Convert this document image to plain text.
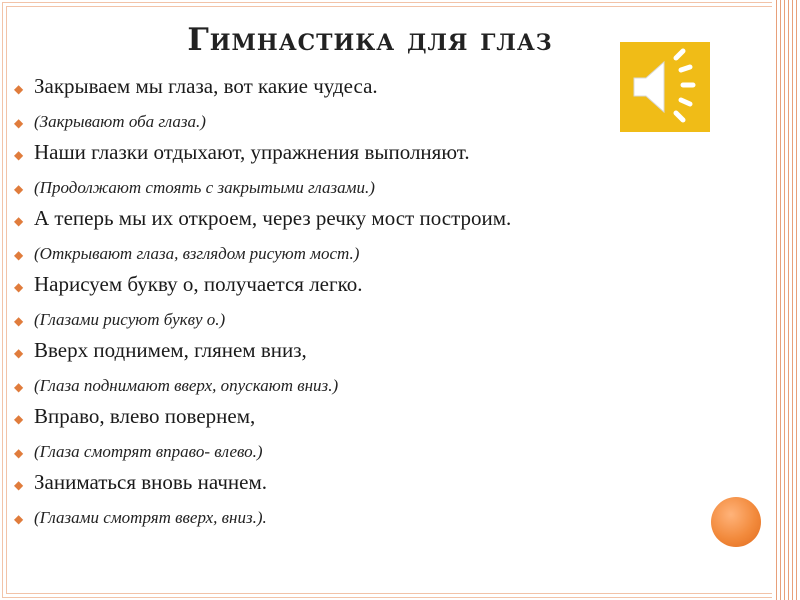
Гимнастика для глаз
◆ Закрываем мы глаза, вот какие чудеса.
◆ (Закрывают оба глаза.)
◆ Наши глазки отдыхают, упражнения выполняют.
◆ (Продолжают стоять с закрытыми глазами.)
◆ А теперь мы их откроем, через речку мост построим.
◆ (Открывают глаза, взглядом рисуют мост.)
◆ Нарисуем букву о, получается легко.
◆ (Глазами рисуют букву о.)
◆ Вверх поднимем, глянем вниз,
◆ (Глаза поднимают вверх, опускают вниз.)
◆ Вправо, влево повернем,
◆ (Глаза смотрят вправо- влево.)
◆ Заниматься вновь начнем.
◆ (Глазами смотрят вверх, вниз.).
